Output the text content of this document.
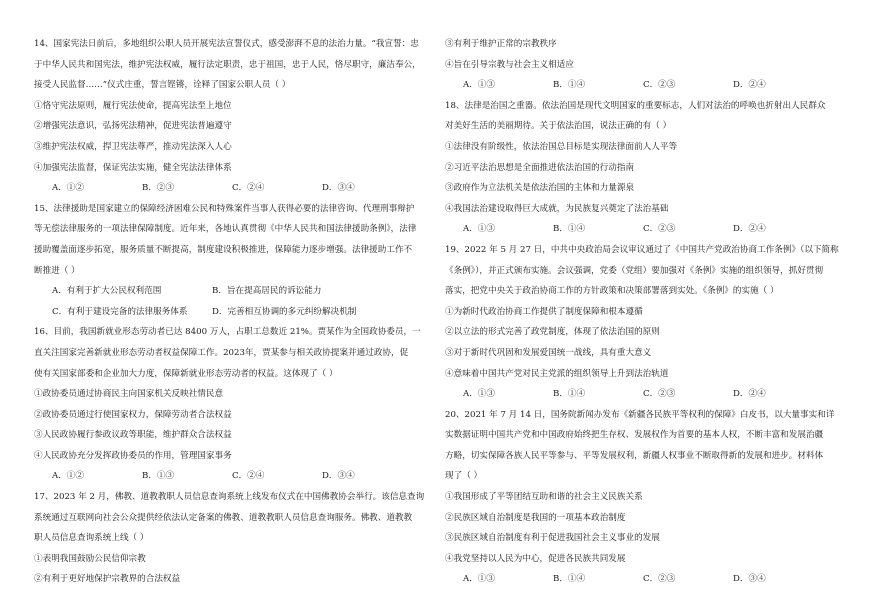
14、国家宪法日前后，多地组织公职人员开展宪法宣誓仪式，感受澎湃不息的法治力量。“我宣誓：忠
于中华人民共和国宪法，维护宪法权威，履行法定职责，忠于祖国，忠于人民，恪尽职守，廉洁奉公，
接受人民监督……”仪式庄重，誓言铿锵，诠释了国家公职人员（ ）
①恪守宪法原则，履行宪法使命，提高宪法至上地位
②增强宪法意识，弘扬宪法精神，促进宪法普遍遵守
③维护宪法权威，捍卫宪法尊严，推动宪法深入人心
④加强宪法监督，保证宪法实施，健全宪法法律体系
A．①②	B．②③	C．②④	D．③④
15、法律援助是国家建立的保障经济困难公民和特殊案件当事人获得必要的法律咨询、代理刑事辩护
等无偿法律服务的一项法律保障制度。近年来，各地认真贯彻《中华人民共和国法律援助条例》，法律
援助覆盖面逐步拓宽，服务质量不断提高，制度建设积极推进，保障能力逐步增强。法律援助工作不
断推进（ ）
A．有利于扩大公民权利范围	B．旨在提高居民的诉讼能力
C．有利于建设完备的法律服务体系	D．完善相互协调的多元纠纷解决机制
16、目前，我国新就业形态劳动者已达 8400 万人，占职工总数近 21%。贾某作为全国政协委员，一
直关注国家完善新就业形态劳动者权益保障工作。2023年，贾某参与相关政协提案并通过政协，促
使有关国家部委和企业加大力度，保障新就业形态劳动者的权益。这体现了（ ）
①政协委员通过协商民主向国家机关反映社情民意
②政协委员通过行使国家权力，保障劳动者合法权益
③人民政协履行参政议政等职能，维护群众合法权益
④人民政协充分发挥政协委员的作用，管理国家事务
A．①②	B．①③	C．②④	D．③④
17、2023 年 2 月，佛教、道教教职人员信息查询系统上线发布仪式在中国佛教协会举行。该信息查询
系统通过互联网向社会公众提供经依法认定备案的佛教、道教教职人员信息查询服务。佛教、道教教
职人员信息查询系统上线（ ）
①表明我国鼓励公民信仰宗教
②有利于更好地保护宗教界的合法权益
③有利于维护正常的宗教秩序
④旨在引导宗教与社会主义相适应
A．①③	B．①④	C．②③	D．②④
18、法律是治国之重器。依法治国是现代文明国家的重要标志，人们对法治的呼唤也折射出人民群众
对美好生活的美丽期待。关于依法治国，说法正确的有（ ）
①法律没有阶级性，依法治国总目标是实现法律面前人人平等
②习近平法治思想是全面推进依法治国的行动指南
③政府作为立法机关是依法治国的主体和力量源泉
④我国法治建设取得巨大成就，为民族复兴奠定了法治基础
A．①③	B．①④	C．②③	D．②④
19、2022 年 5 月 27 日，中共中央政治局会议审议通过了《中国共产党政治协商工作条例》（以下简称
《条例》），并正式颁布实施。会议强调，党委（党组）要加强对《条例》实施的组织领导，抓好贯彻
落实，把党中央关于政治协商工作的方针政策和决策部署落到实处。《条例》的实施（ ）
①为新时代政治协商工作提供了制度保障和根本遵循
②以立法的形式完善了政党制度，体现了依法治国的原则
③对于新时代巩固和发展爱国统一战线，具有重大意义
④意味着中国共产党对民主党派的组织领导上升到法治轨道
A．①③	B．①④	C．②③	D．②④
20、2021 年 7 月 14 日，国务院新闻办发布《新疆各民族平等权利的保障》白皮书，以大量事实和详
实数据证明中国共产党和中国政府始终把生存权、发展权作为首要的基本人权，不断丰富和发展治疆
方略，切实保障各族人民平等参与、平等发展权利，新疆人权事业不断取得新的发展和进步。材料体
现了（ ）
①我国形成了平等团结互助和谐的社会主义民族关系
②民族区域自治制度是我国的一项基本政治制度
③民族区域自治制度有利于促进我国社会主义事业的发展
④我党坚持以人民为中心，促进各民族共同发展
A．①③	B．①④	C．②③	D．③④
